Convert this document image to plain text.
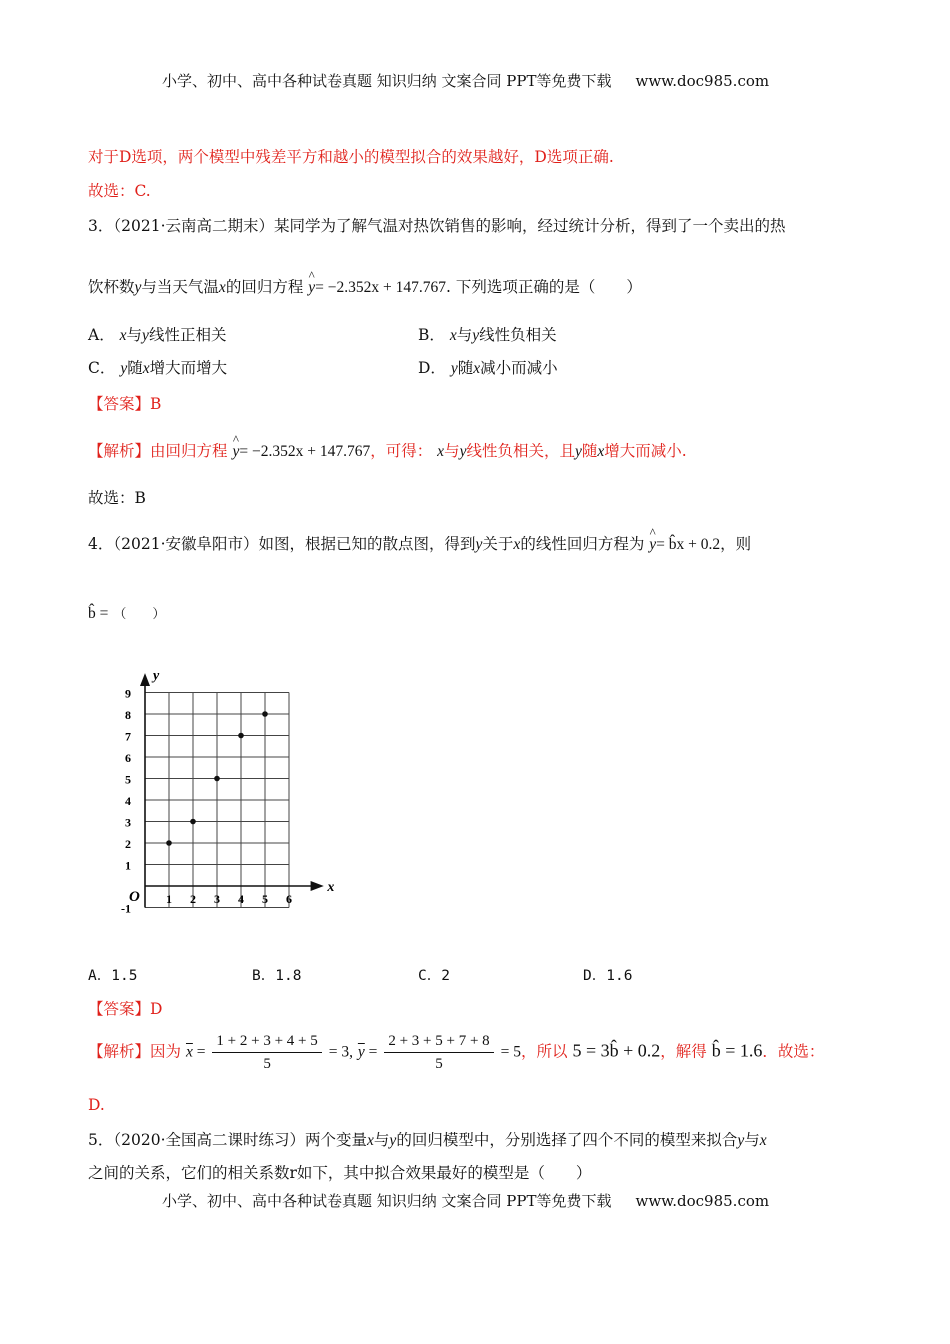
小学、初中、高中各种试卷真题 知识归纳 文案合同 PPT等免费下载 www.doc985.com
对于D选项，两个模型中残差平方和越小的模型拟合的效果越好，D选项正确.
故选：C.
3．（2021·云南高二期末）某同学为了解气温对热饮销售的影响，经过统计分析，得到了一个卖出的热
饮杯数y与当天气温x的回归方程 ^ y= −2.352x + 147.767. 下列选项正确的是（　　）
A． x与y线性正相关	B． x与y线性负相关
C． y随x增大而增大	D． y随x减小而减小
【答案】B
【解析】由回归方程 ^ y= −2.352x + 147.767，可得： x与y线性负相关，且y随x增大而减小.
故选：B
4．（2021·安徽阜阳市）如图，根据已知的散点图，得到y关于x的线性回归方程为 ^ y= b̂x + 0.2，则
b̂ = （　　）
y
x
O 1 2 3 4 5 6
-1
1
2
3
4
5
6
7
8
9
A．1.5	B．1.8	C．2	D．1.6
【答案】D
【解析】因为 $\overline{x} = \frac{1 + 2 + 3 + 4 + 5}{5} = 3$, $\overline{y} = \frac{2 + 3 + 5 + 7 + 8}{5} = 5$，所以 5 = 3b̂ + 0.2，解得 b̂ = 1.6．故选：
D.
5．（2020·全国高二课时练习）两个变量x与y的回归模型中，分别选择了四个不同的模型来拟合y与x
之间的关系，它们的相关系数r如下，其中拟合效果最好的模型是（　　）
小学、初中、高中各种试卷真题 知识归纳 文案合同 PPT等免费下载 www.doc985.com
